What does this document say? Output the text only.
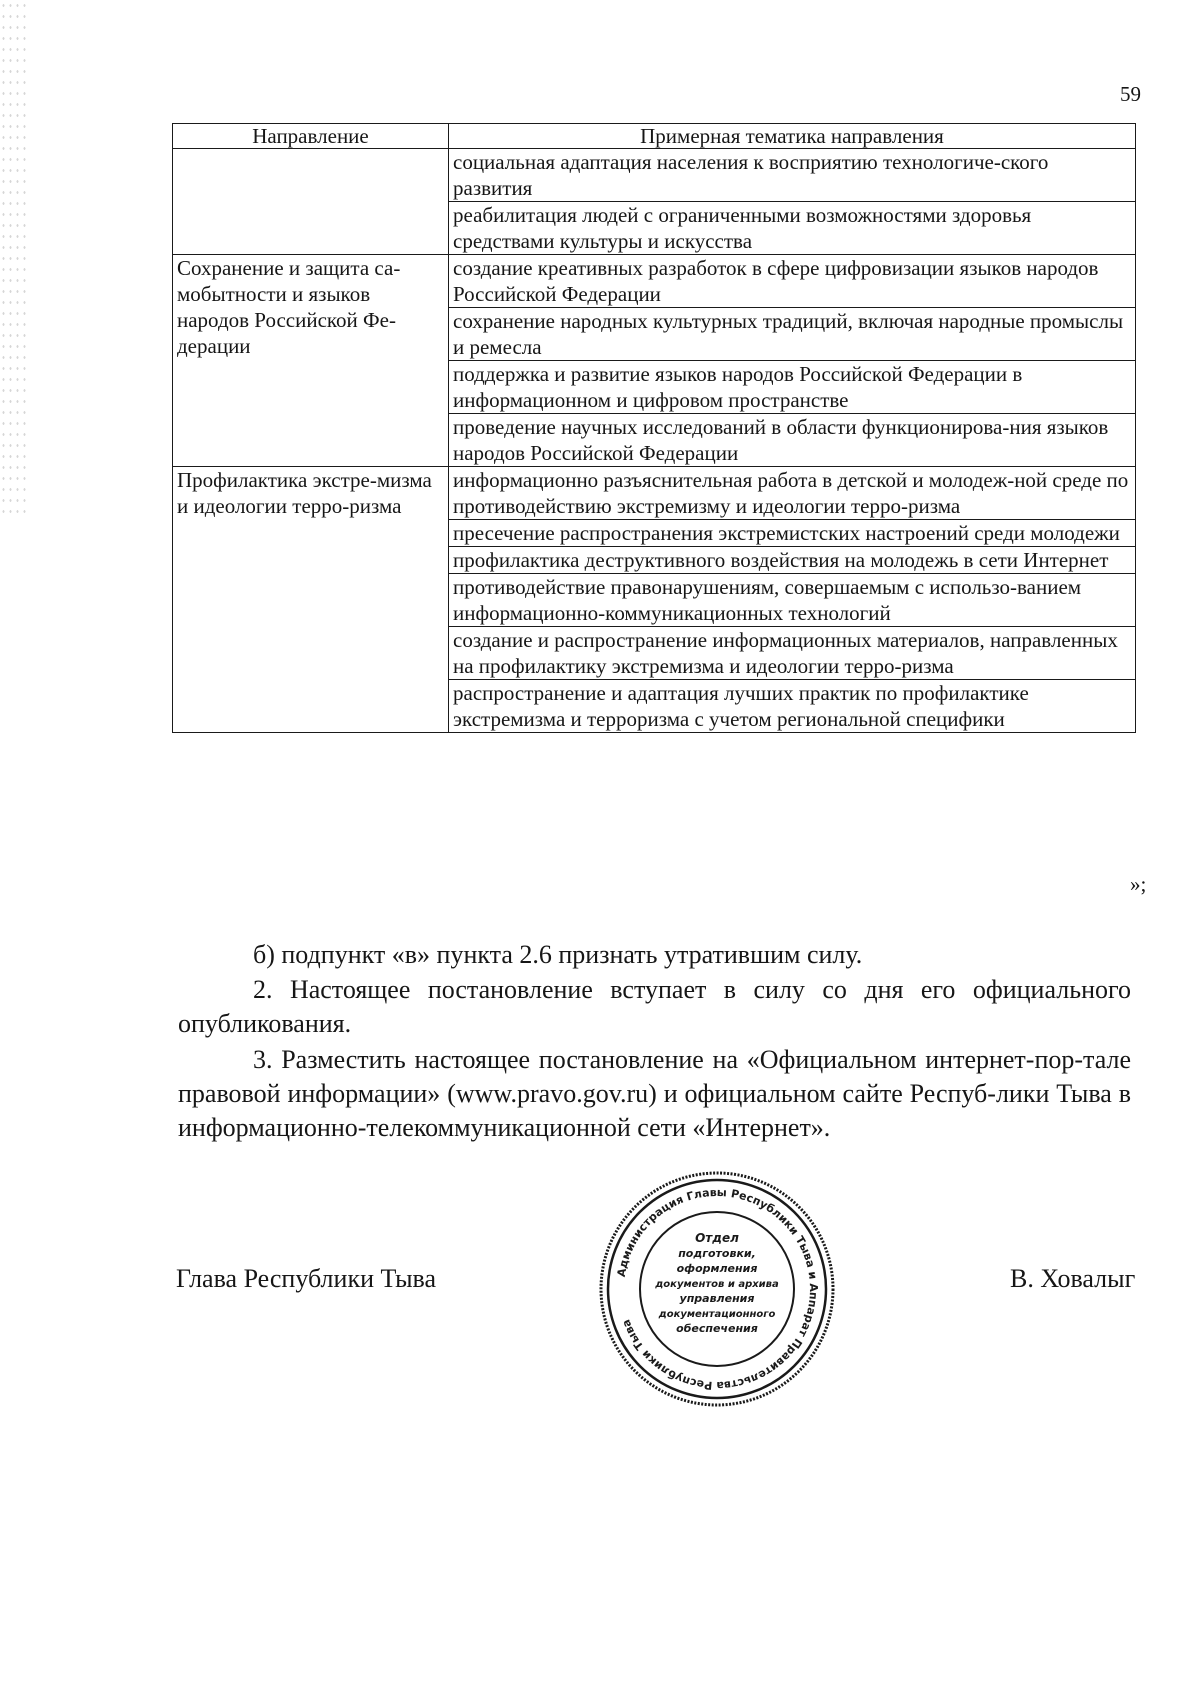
59
Направление	Примерная тематика направления
	социальная адаптация населения к восприятию технологиче-ского развития
	реабилитация людей с ограниченными возможностями здоровья средствами культуры и искусства
Сохранение и защита са-мобытности и языков народов Российской Фе-дерации	создание креативных разработок в сфере цифровизации языков народов Российской Федерации
	сохранение народных культурных традиций, включая народные промыслы и ремесла
	поддержка и развитие языков народов Российской Федерации в информационном и цифровом пространстве
	проведение научных исследований в области функционирова-ния языков народов Российской Федерации
Профилактика экстре-мизма и идеологии терро-ризма	информационно разъяснительная работа в детской и молодеж-ной среде по противодействию экстремизму и идеологии терро-ризма
	пресечение распространения экстремистских настроений среди молодежи
	профилактика деструктивного воздействия на молодежь в сети Интернет
	противодействие правонарушениям, совершаемым с использо-ванием информационно-коммуникационных технологий
	создание и распространение информационных материалов, направленных на профилактику экстремизма и идеологии терро-ризма
	распространение и адаптация лучших практик по профилактике экстремизма и терроризма с учетом региональной специфики
»;

б) подпункт «в» пункта 2.6 признать утратившим силу.

2. Настоящее постановление вступает в силу со дня его официального опубликования.

3. Разместить настоящее постановление на «Официальном интернет-пор-тале правовой информации» (www.pravo.gov.ru) и официальном сайте Респуб-лики Тыва в информационно-телекоммуникационной сети «Интернет».

Глава Республики Тыва	В. Ховалыг
Администрация Главы Республики Тыва и Аппарат Правительства Республики Тыва
Отдел
подготовки,
оформления
документов и архива
управления
документационного
обеспечения
